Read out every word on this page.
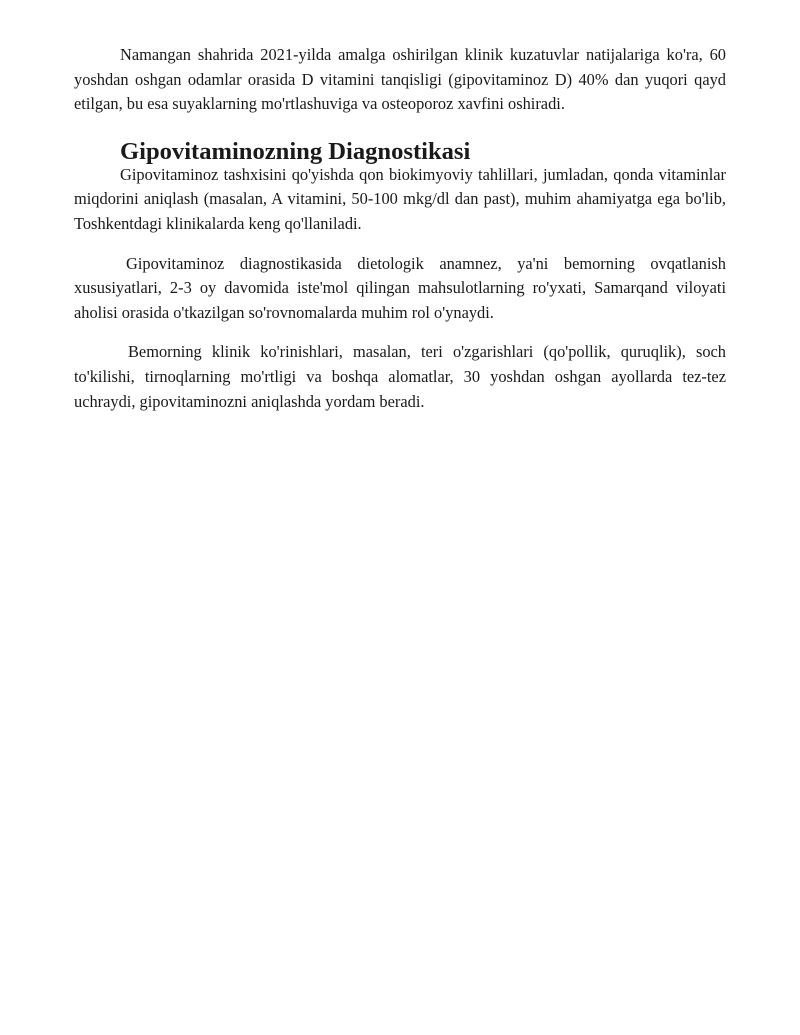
Namangan shahrida 2021-yilda amalga oshirilgan klinik kuzatuvlar natijalariga ko'ra, 60 yoshdan oshgan odamlar orasida D vitamini tanqisligi (gipovitaminoz D) 40% dan yuqori qayd etilgan, bu esa suyaklarning mo'rtlashuviga va osteoporoz xavfini oshiradi.

Gipovitaminozning Diagnostikasi

Gipovitaminoz tashxisini qo'yishda qon biokimyoviy tahlillari, jumladan, qonda vitaminlar miqdorini aniqlash (masalan, A vitamini, 50-100 mkg/dl dan past), muhim ahamiyatga ega bo'lib, Toshkentdagi klinikalarda keng qo'llaniladi.

Gipovitaminoz diagnostikasida dietologik anamnez, ya'ni bemorning ovqatlanish xususiyatlari, 2-3 oy davomida iste'mol qilingan mahsulotlarning ro'yxati, Samarqand viloyati aholisi orasida o'tkazilgan so'rovnomalarda muhim rol o'ynaydi.

Bemorning klinik ko'rinishlari, masalan, teri o'zgarishlari (qo'pollik, quruqlik), soch to'kilishi, tirnoqlarning mo'rtligi va boshqa alomatlar, 30 yoshdan oshgan ayollarda tez-tez uchraydi, gipovitaminozni aniqlashda yordam beradi.
